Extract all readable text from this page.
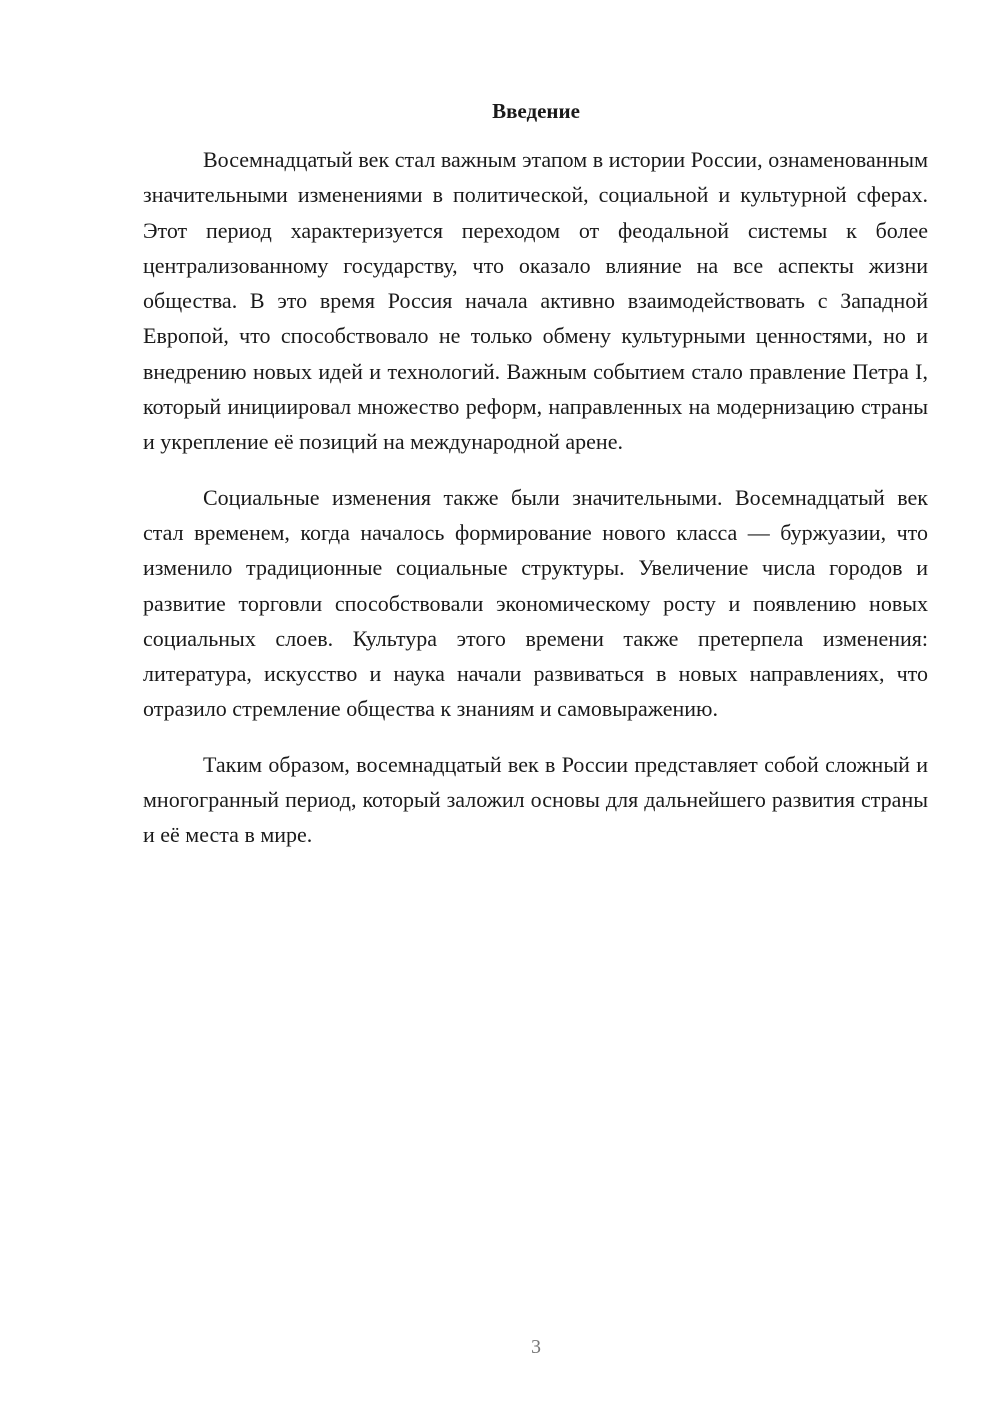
Введение

Восемнадцатый век стал важным этапом в истории России, ознаменованным значительными изменениями в политической, социальной и культурной сферах. Этот период характеризуется переходом от феодальной системы к более централизованному государству, что оказало влияние на все аспекты жизни общества. В это время Россия начала активно взаимодействовать с Западной Европой, что способствовало не только обмену культурными ценностями, но и внедрению новых идей и технологий. Важным событием стало правление Петра I, который инициировал множество реформ, направленных на модернизацию страны и укрепление её позиций на международной арене.

Социальные изменения также были значительными. Восемнадцатый век стал временем, когда началось формирование нового класса — буржуазии, что изменило традиционные социальные структуры. Увеличение числа городов и развитие торговли способствовали экономическому росту и появлению новых социальных слоев. Культура этого времени также претерпела изменения: литература, искусство и наука начали развиваться в новых направлениях, что отразило стремление общества к знаниям и самовыражению.

Таким образом, восемнадцатый век в России представляет собой сложный и многогранный период, который заложил основы для дальнейшего развития страны и её места в мире.

3
